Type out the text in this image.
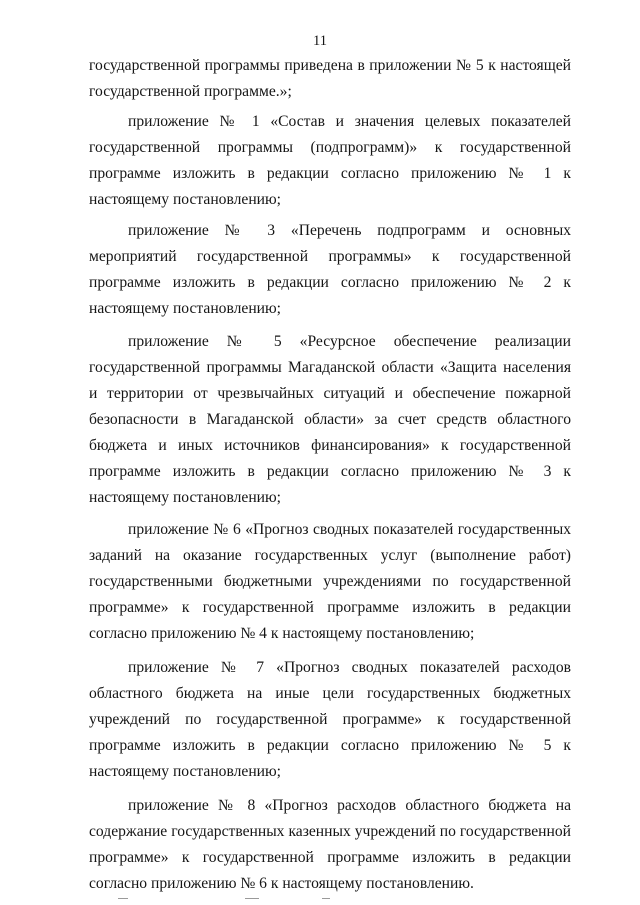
11

государственной программы приведена в приложении № 5 к настоящей государственной программе.»;

приложение № 1 «Состав и значения целевых показателей государственной программы (подпрограмм)» к государственной программе изложить в редакции согласно приложению № 1 к настоящему постановлению;

приложение № 3 «Перечень подпрограмм и основных мероприятий государственной программы» к государственной программе изложить в редакции согласно приложению № 2 к настоящему постановлению;

приложение № 5 «Ресурсное обеспечение реализации государственной программы Магаданской области «Защита населения и территории от чрезвычайных ситуаций и обеспечение пожарной безопасности в Магаданской области» за счет средств областного бюджета и иных источников финансирования» к государственной программе изложить в редакции согласно приложению № 3 к настоящему постановлению;

приложение № 6 «Прогноз сводных показателей государственных заданий на оказание государственных услуг (выполнение работ) государственными бюджетными учреждениями по государственной программе» к государственной программе изложить в редакции согласно приложению № 4 к настоящему постановлению;

приложение № 7 «Прогноз сводных показателей расходов областного бюджета на иные цели государственных бюджетных учреждений по государственной программе» к государственной программе изложить в редакции согласно приложению № 5 к настоящему постановлению;

приложение № 8 «Прогноз расходов областного бюджета на содержание государственных казенных учреждений по государственной программе» к государственной программе изложить в редакции согласно приложению № 6 к настоящему постановлению.
